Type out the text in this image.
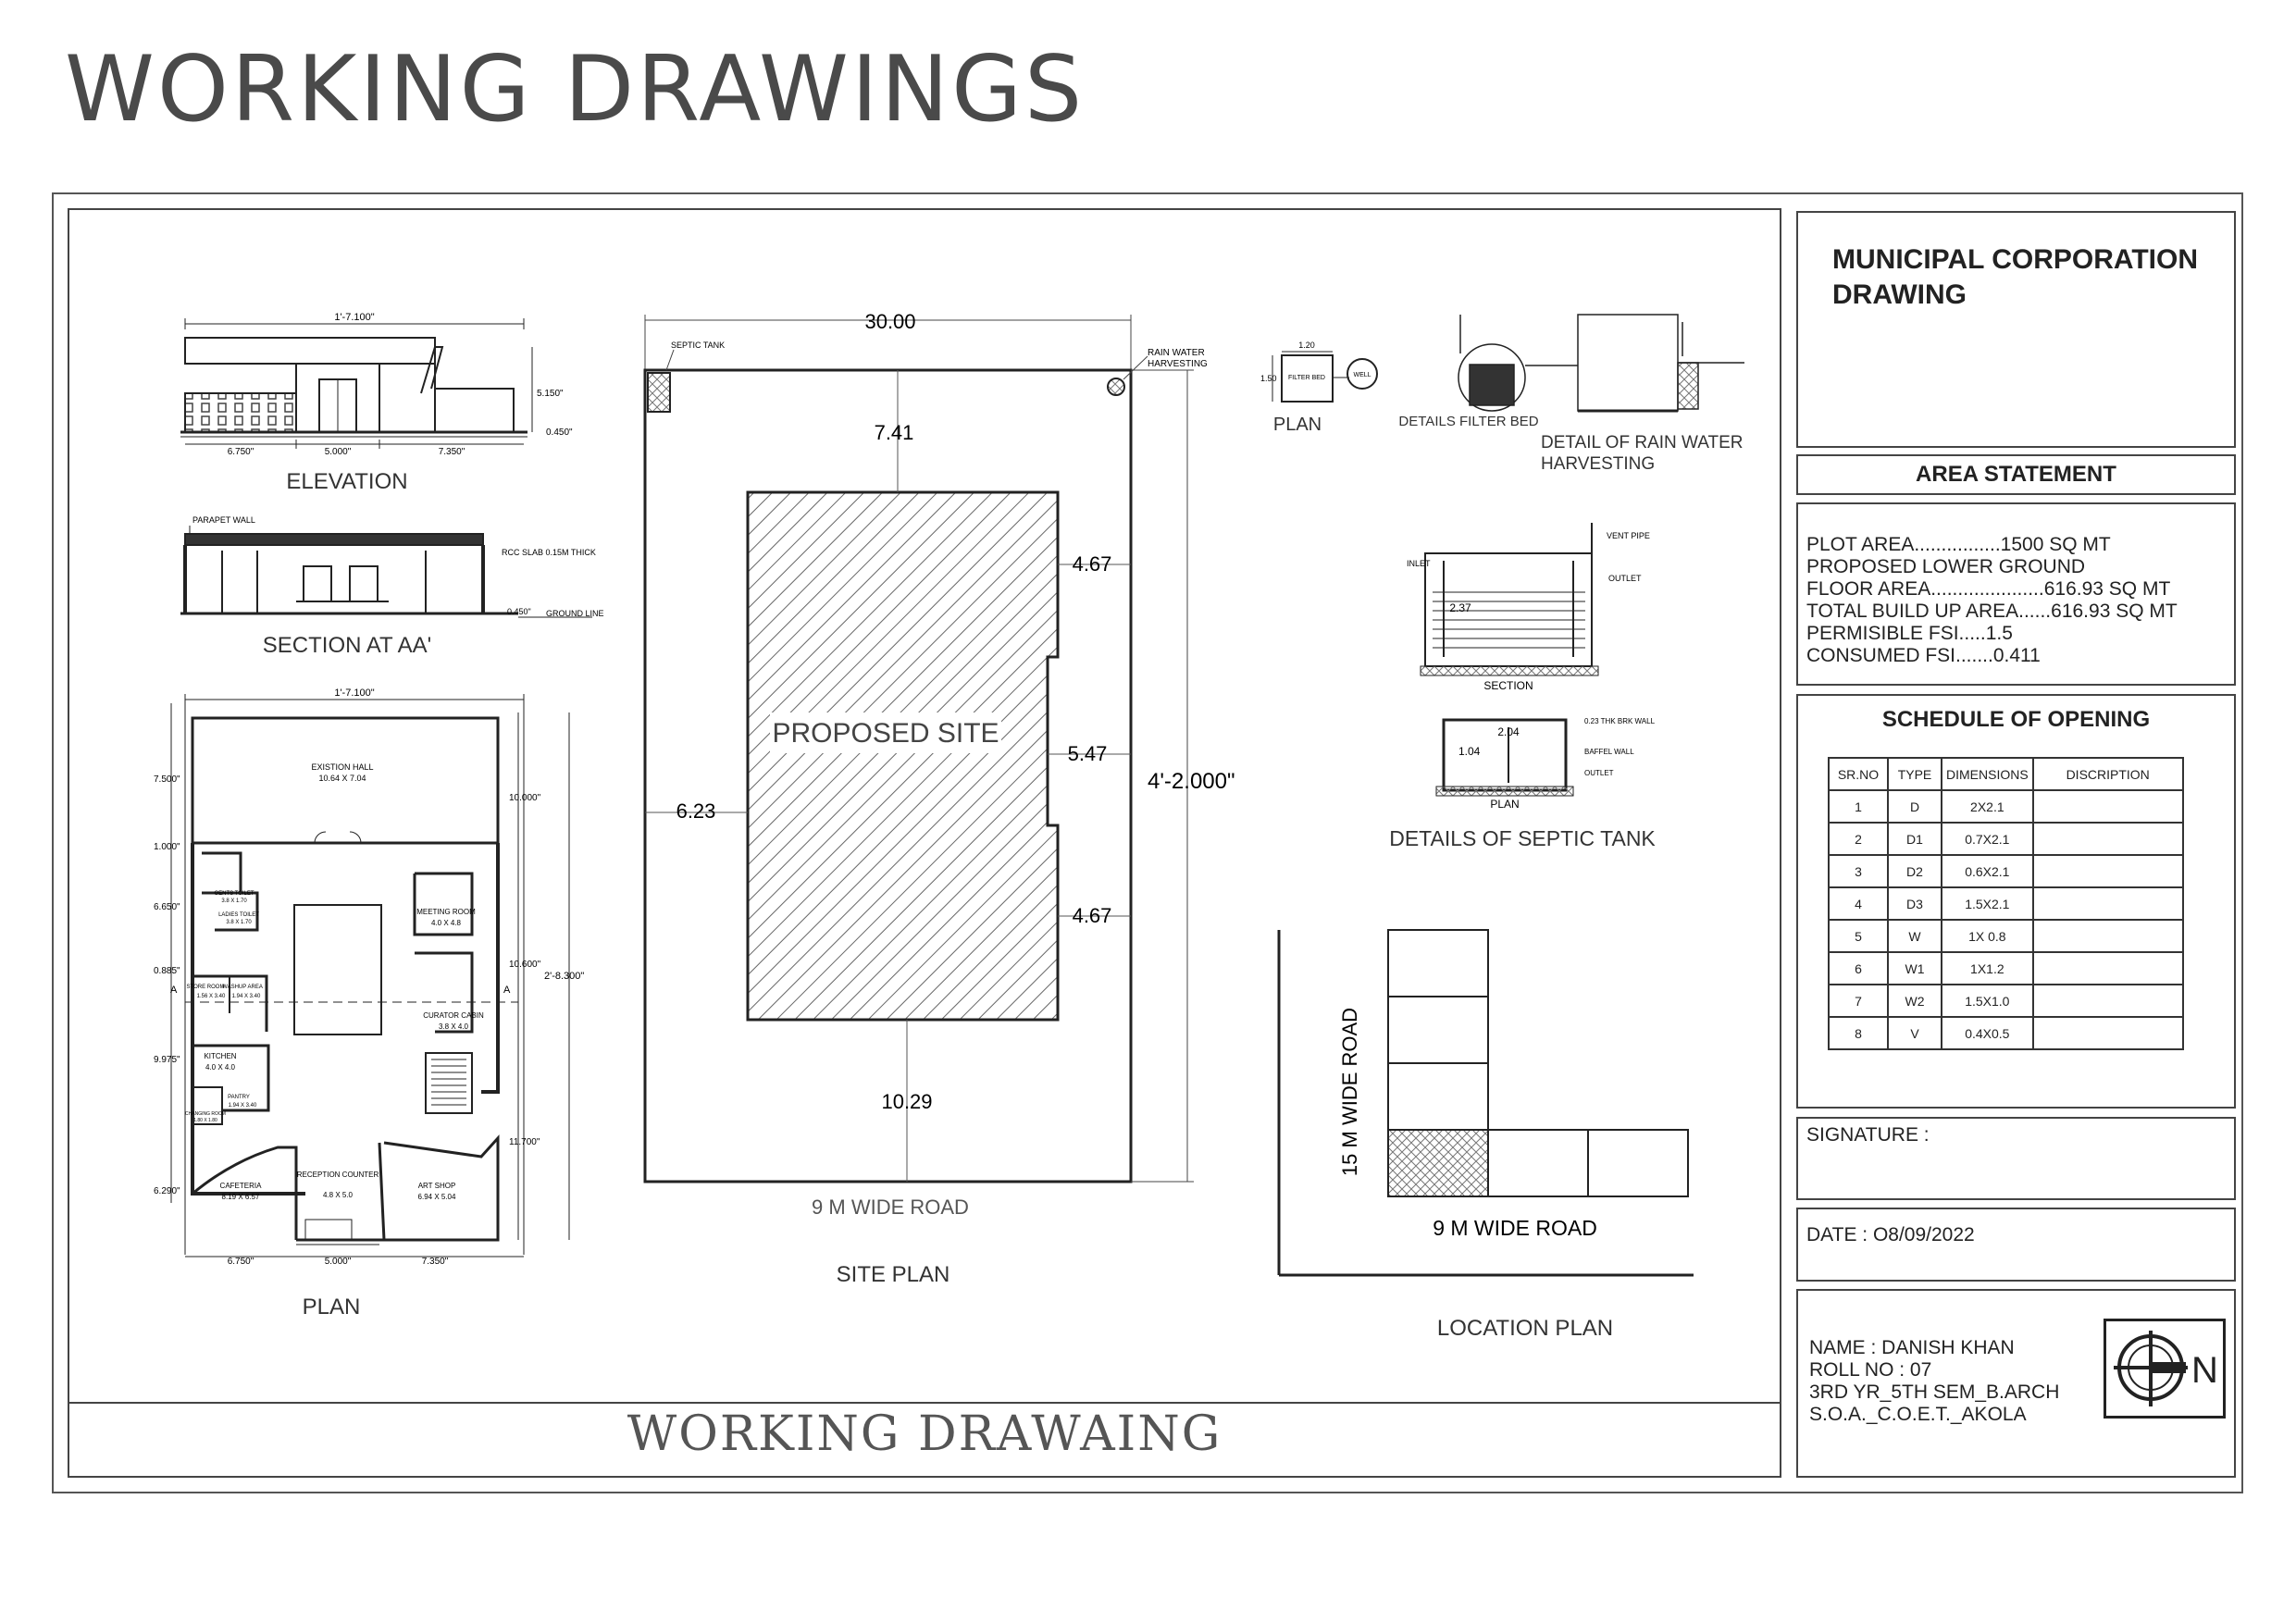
WORKING DRAWINGS
WORKING DRAWAING
1'-7.100"
6.750"	5.000"	7.350"
5.150"
0.450"
ELEVATION
PARAPET WALL
RCC SLAB 0.15M THICK
0.450" GROUND LINE
SECTION AT AA'
1'-7.100"
A	A
7.500"
1.000"
6.650"
0.885"
9.975"
6.290"
10.000"
10.600"
11.700"
2'-8.300"
EXISTION HALL
10.64 X 7.04
GENTS TOILET
3.8 X 1.70
LADIES TOILET
3.8 X 1.70
MEETING ROOM
4.0 X 4.8
STORE ROOM
1.56 X 3.40
WASHUP AREA
1.94 X 3.40
CURATOR CABIN
3.8 X 4.0
KITCHEN
4.0 X 4.0
PANTRY
1.94 X 3.40
CHANGING ROOM
1.80 X 1.80
CAFETERIA
8.19 X 6.57
RECEPTION COUNTER
4.8 X 5.0
ART SHOP
6.94 X 5.04
6.750"	5.000"	7.350"
PLAN
30.00
SEPTIC TANK
RAIN WATER
HARVESTING
7.41
4.67
PROPOSED SITE
5.47
4'-2.000"
6.23
4.67
10.29
9 M WIDE ROAD
SITE PLAN
1.20
1.50 FILTER BED	WELL
PLAN	DETAILS FILTER BED
DETAIL OF RAIN WATER
HARVESTING
INLET
VENT PIPE
OUTLET
2.37
SECTION
0.23 THK BRK WALL
2.04
1.04	BAFFEL WALL
OUTLET
PLAN
DETAILS OF SEPTIC TANK
15 M WIDE ROAD
9 M WIDE ROAD
LOCATION PLAN
MUNICIPAL CORPORATION
DRAWING
AREA STATEMENT
PLOT AREA................1500 SQ MT
PROPOSED LOWER GROUND
FLOOR AREA.....................616.93 SQ MT
TOTAL BUILD UP AREA......616.93 SQ MT
PERMISIBLE FSI.....1.5
CONSUMED FSI.......0.411
SCHEDULE OF OPENING
SR.NO	TYPE	DIMENSIONS	DISCRIPTION
1	D	2X2.1	
2	D1	0.7X2.1	
3	D2	0.6X2.1	
4	D3	1.5X2.1	
5	W	1X 0.8	
6	W1	1X1.2	
7	W2	1.5X1.0	
8	V	0.4X0.5	
SIGNATURE :
DATE : O8/09/2022
NAME : DANISH KHAN
ROLL NO : 07
3RD YR_5TH SEM_B.ARCH
S.O.A._C.O.E.T._AKOLA
N
